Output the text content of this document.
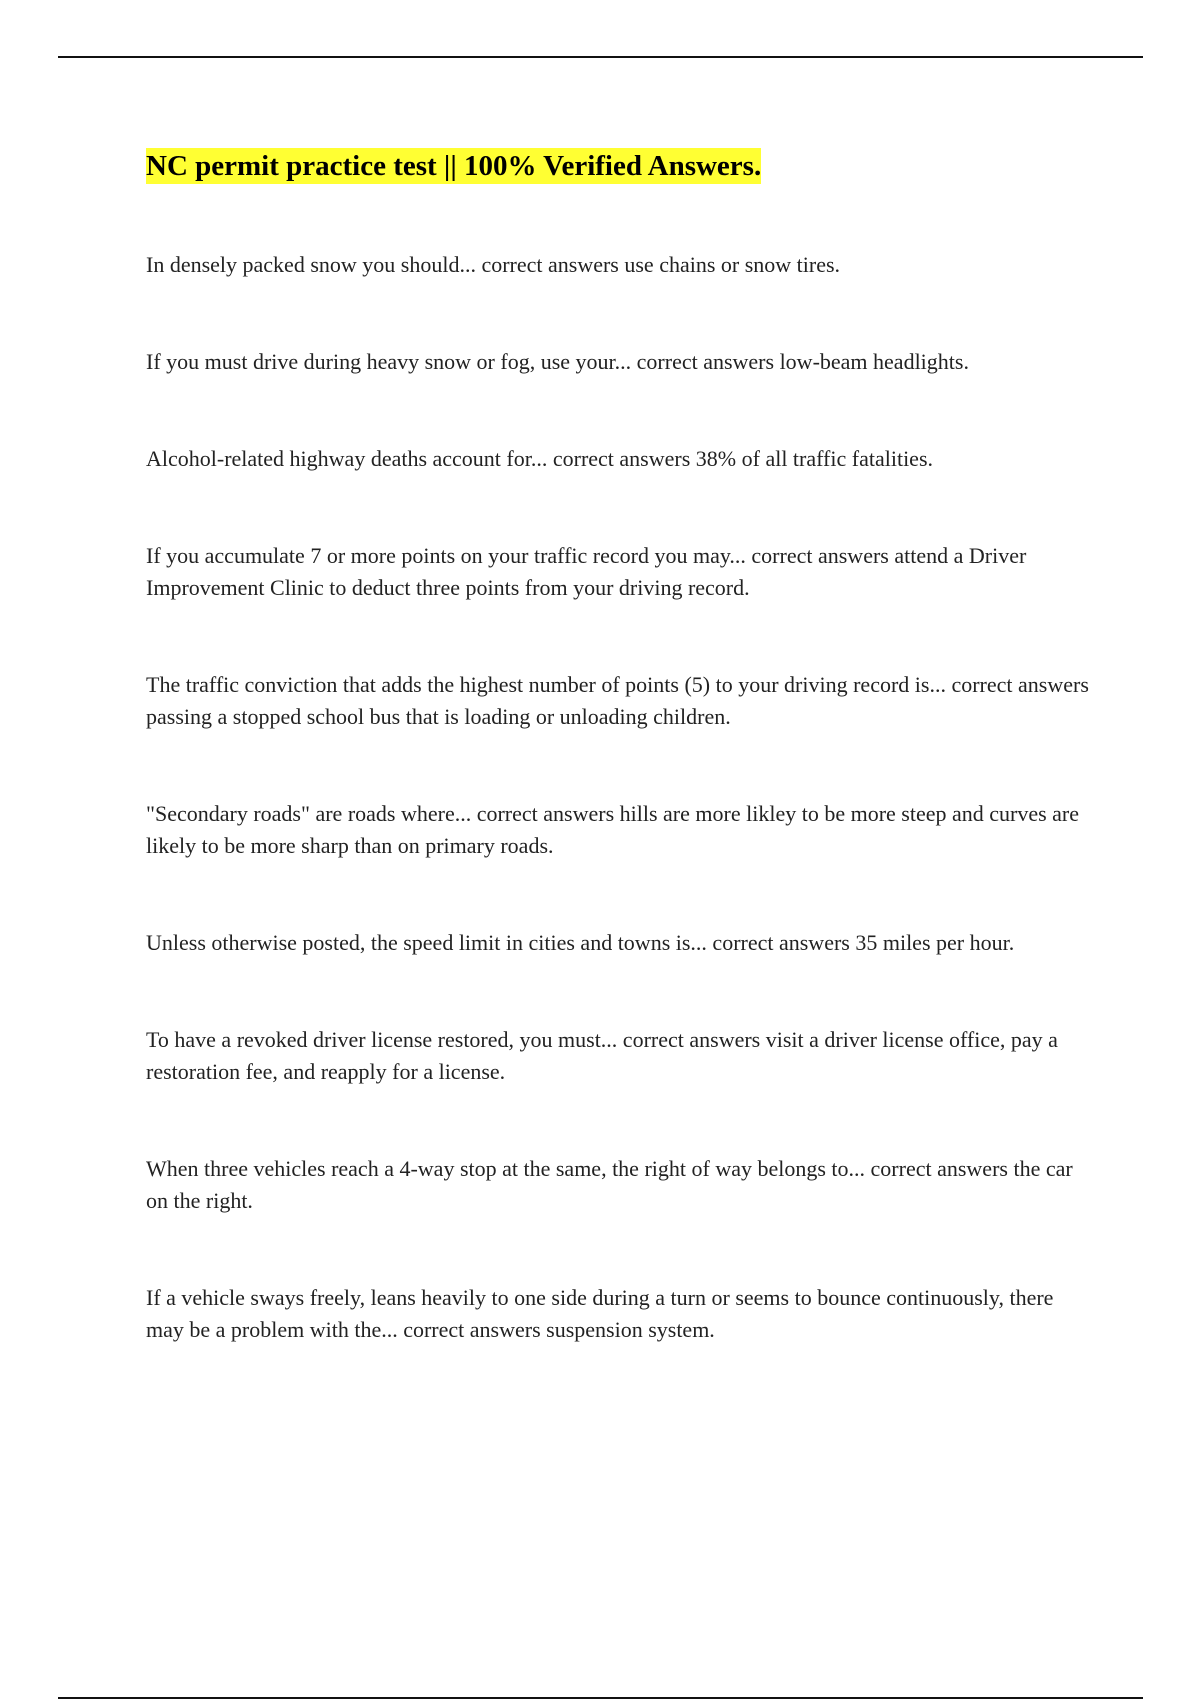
NC permit practice test || 100% Verified Answers.
In densely packed snow you should... correct answers use chains or snow tires.
If you must drive during heavy snow or fog, use your... correct answers low-beam headlights.
Alcohol-related highway deaths account for... correct answers 38% of all traffic fatalities.
If you accumulate 7 or more points on your traffic record you may... correct answers attend a Driver Improvement Clinic to deduct three points from your driving record.
The traffic conviction that adds the highest number of points (5) to your driving record is... correct answers passing a stopped school bus that is loading or unloading children.
"Secondary roads" are roads where... correct answers hills are more likley to be more steep and curves are likely to be more sharp than on primary roads.
Unless otherwise posted, the speed limit in cities and towns is... correct answers 35 miles per hour.
To have a revoked driver license restored, you must... correct answers visit a driver license office, pay a restoration fee, and reapply for a license.
When three vehicles reach a 4-way stop at the same, the right of way belongs to... correct answers the car on the right.
If a vehicle sways freely, leans heavily to one side during a turn or seems to bounce continuously, there may be a problem with the... correct answers suspension system.
